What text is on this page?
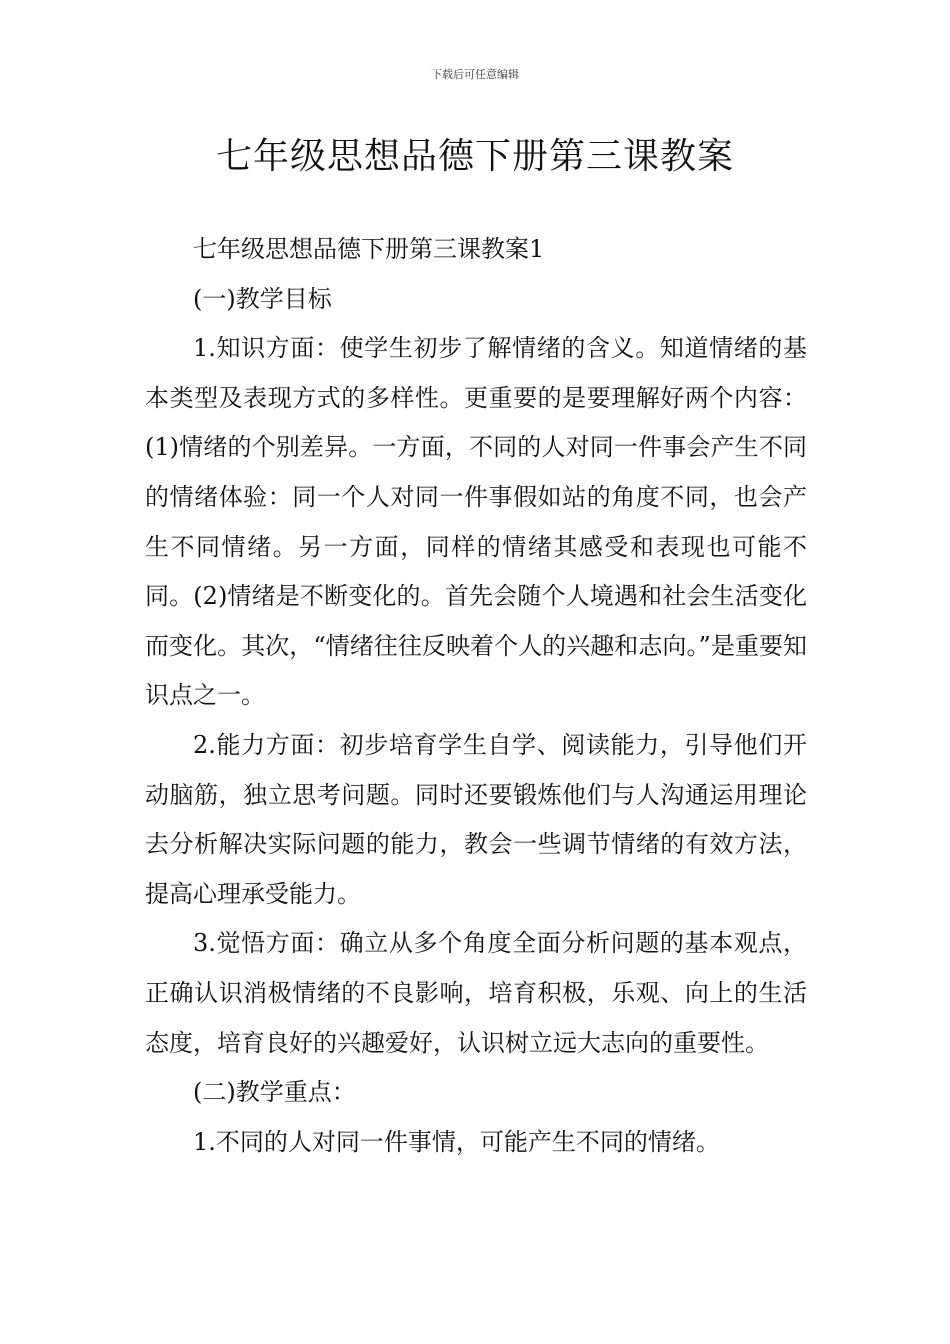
下载后可任意编辑
七年级思想品德下册第三课教案

七年级思想品德下册第三课教案1

(一)教学目标

1.知识方面：使学生初步了解情绪的含义。知道情绪的基本类型及表现方式的多样性。更重要的是要理解好两个内容：(1)情绪的个别差异。一方面，不同的人对同一件事会产生不同的情绪体验：同一个人对同一件事假如站的角度不同，也会产生不同情绪。另一方面，同样的情绪其感受和表现也可能不同。(2)情绪是不断变化的。首先会随个人境遇和社会生活变化而变化。其次，“情绪往往反映着个人的兴趣和志向。”是重要知识点之一。

2.能力方面：初步培育学生自学、阅读能力，引导他们开动脑筋，独立思考问题。同时还要锻炼他们与人沟通运用理论去分析解决实际问题的能力，教会一些调节情绪的有效方法，提高心理承受能力。

3.觉悟方面：确立从多个角度全面分析问题的基本观点，正确认识消极情绪的不良影响，培育积极，乐观、向上的生活态度，培育良好的兴趣爱好，认识树立远大志向的重要性。

(二)教学重点：

1.不同的人对同一件事情，可能产生不同的情绪。
